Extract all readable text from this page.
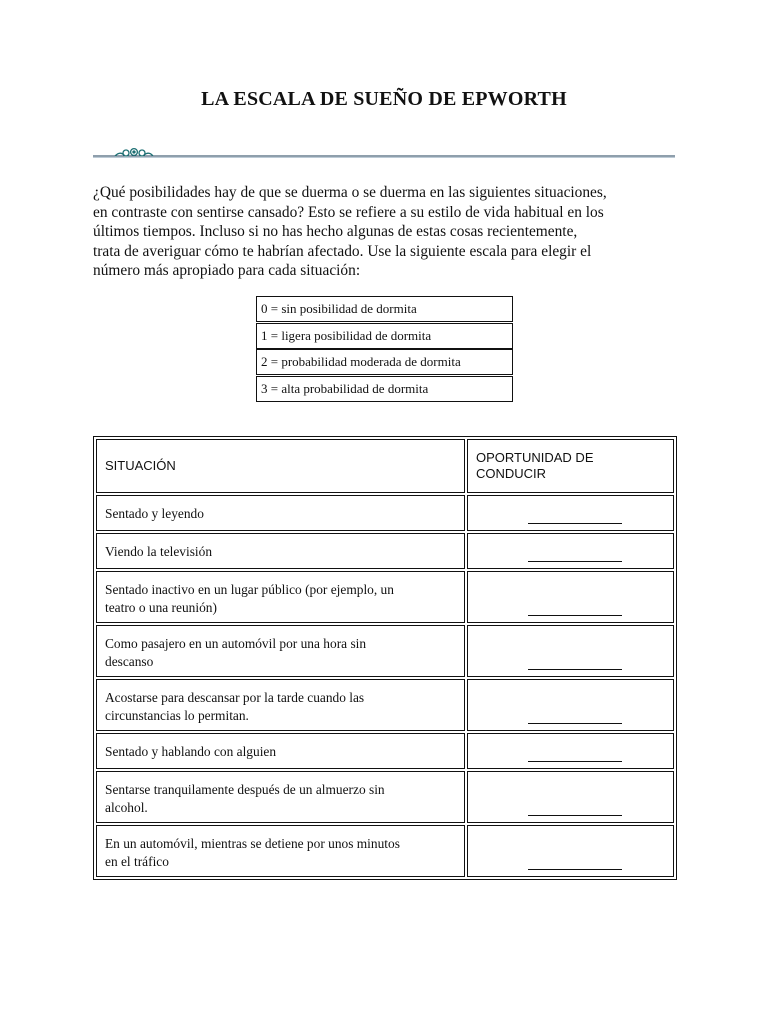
LA ESCALA DE SUEÑO DE EPWORTH

¿Qué posibilidades hay de que se duerma o se duerma en las siguientes situaciones,
en contraste con sentirse cansado? Esto se refiere a su estilo de vida habitual en los
últimos tiempos. Incluso si no has hecho algunas de estas cosas recientemente,
trata de averiguar cómo te habrían afectado. Use la siguiente escala para elegir el
número más apropiado para cada situación:

0 = sin posibilidad de dormita
1 = ligera posibilidad de dormita
2 = probabilidad moderada de dormita
3 = alta probabilidad de dormita
SITUACIÓN	OPORTUNIDAD DE
CONDUCIR

Sentado y leyendo	

Viendo la televisión	

Sentado inactivo en un lugar público (por ejemplo, un
teatro o una reunión)	

Como pasajero en un automóvil por una hora sin
descanso	

Acostarse para descansar por la tarde cuando las
circunstancias lo permitan.	

Sentado y hablando con alguien	

Sentarse tranquilamente después de un almuerzo sin
alcohol.	

En un automóvil, mientras se detiene por unos minutos
en el tráfico	
